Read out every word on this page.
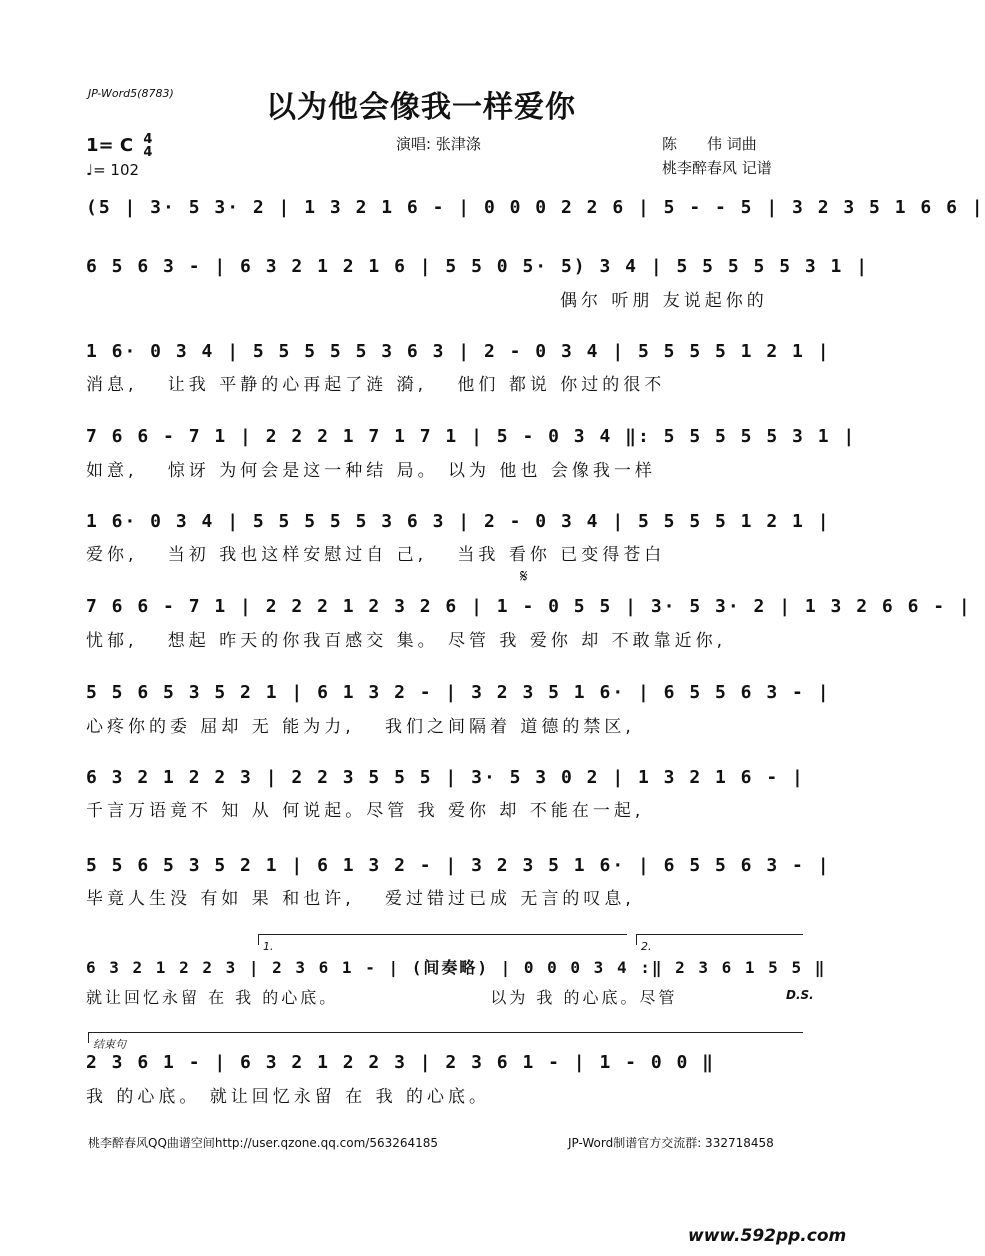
JP-Word5(8783)	以为他会像我一样爱你
演唱: 张津涤	陈　　伟 词曲
桃李醉春风 记谱
1= C 4
4
♩= 102
(5 | 3· 5 3· 2 | 1 3 2 1 6 - | 0 0 0 2 2 6 | 5 - - 5 | 3 2 3 5 1 6 6 |
6 5 6 3 - | 6 3 2 1 2 1 6 | 5 5 0 5· 5) 3 4 | 5 5 5 5 5 3 1 |
偶尔 听朋 友说起你的
1 6· 0 3 4 | 5 5 5 5 5 3 6 3 | 2 - 0 3 4 | 5 5 5 5 1 2 1 |
消息,　 让我 平静的心再起了涟 漪,　 他们 都说 你过的很不
7 6 6 - 7 1 | 2 2 2 1 7 1 7 1 | 5 - 0 3 4 ‖: 5 5 5 5 5 3 1 |
如意,　 惊讶 为何会是这一种结 局。 以为 他也 会像我一样
1 6· 0 3 4 | 5 5 5 5 5 3 6 3 | 2 - 0 3 4 | 5 5 5 5 1 2 1 |
爱你,　 当初 我也这样安慰过自 己,　 当我 看你 已变得苍白
𝄋
7 6 6 - 7 1 | 2 2 2 1 2 3 2 6 | 1 - 0 5 5 | 3· 5 3· 2 | 1 3 2 6 6 - |
忧郁,　 想起 昨天的你我百感交 集。 尽管 我 爱你 却 不敢靠近你,
5 5 6 5 3 5 2 1 | 6 1 3 2 - | 3 2 3 5 1 6· | 6 5 5 6 3 - |
心疼你的委 屈却 无 能为力,　 我们之间隔着 道德的禁区,
6 3 2 1 2 2 3 | 2 2 3 5 5 5 | 3· 5 3 0 2 | 1 3 2 1 6 - |
千言万语竟不 知 从 何说起。尽管 我 爱你 却 不能在一起,
5 5 6 5 3 5 2 1 | 6 1 3 2 - | 3 2 3 5 1 6· | 6 5 5 6 3 - |
毕竟人生没 有如 果 和也许,　 爱过错过已成 无言的叹息,
1.	2.
6 3 2 1 2 2 3 | 2 3 6 1 - | (间奏略) | 0 0 0 3 4 :‖ 2 3 6 1 5 5 ‖
就让回忆永留 在 我 的心底。　　　　　　　　 以为 我 的心底。尽管	D.S.
结束句
2 3 6 1 - | 6 3 2 1 2 2 3 | 2 3 6 1 - | 1 - 0 0 ‖
我 的心底。 就让回忆永留 在 我 的心底。
桃李醉春风QQ曲谱空间http://user.qzone.qq.com/563264185	JP-Word制谱官方交流群: 332718458
www.592pp.com
